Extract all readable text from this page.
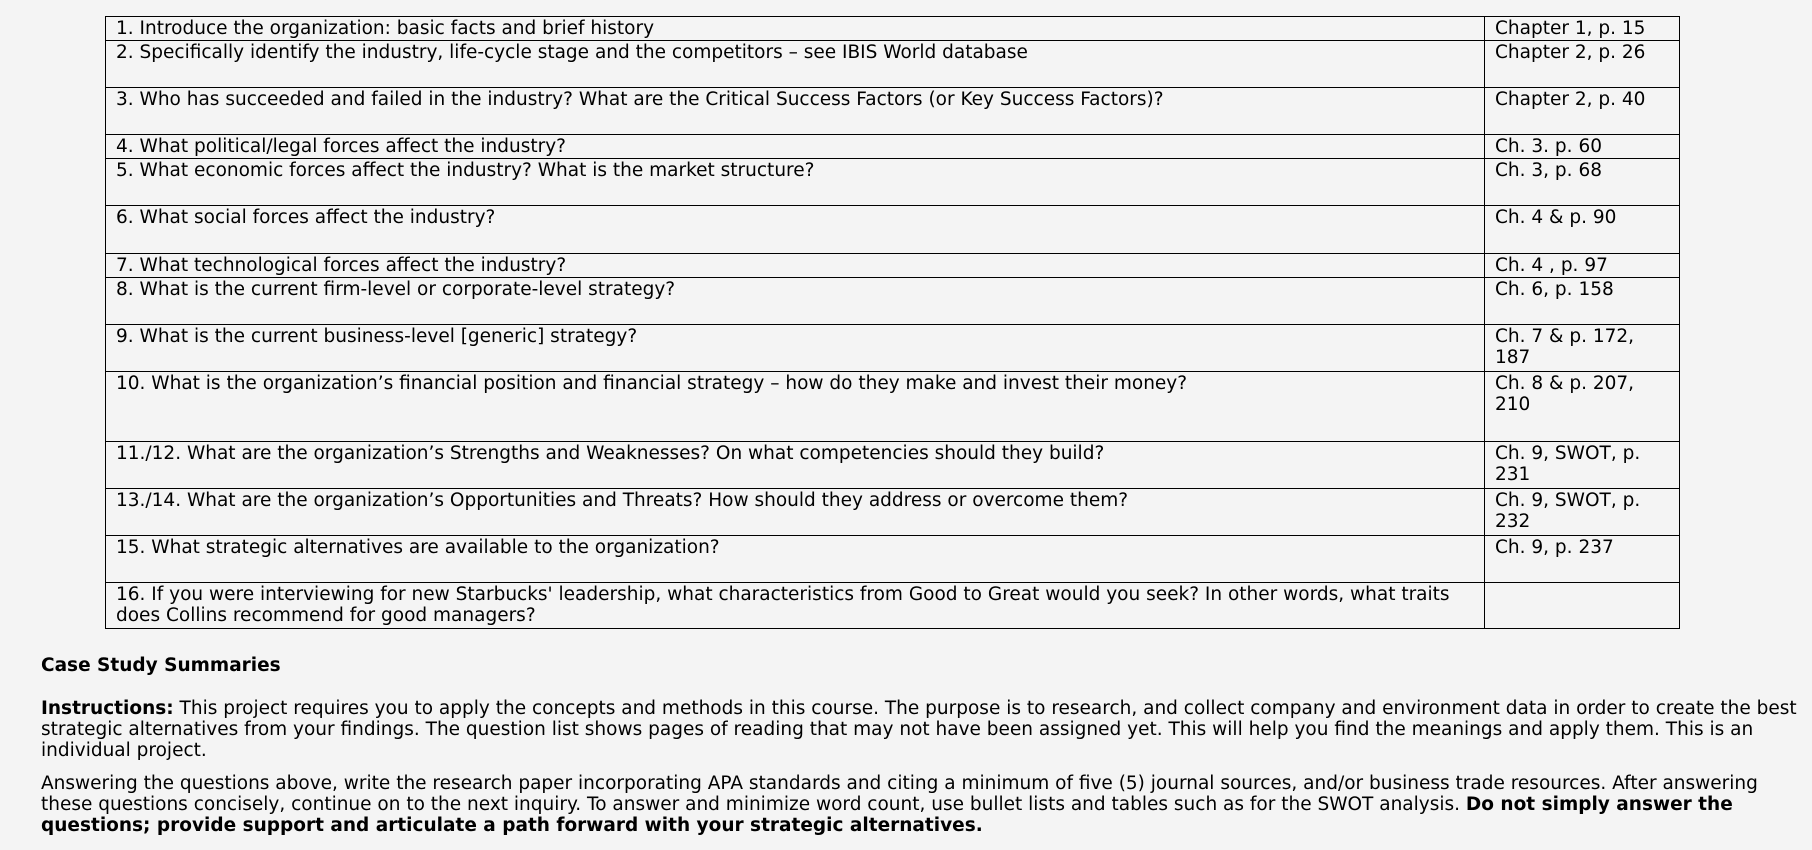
1. Introduce the organization: basic facts and brief history	Chapter 1, p. 15
2. Specifically identify the industry, life-cycle stage and the competitors – see IBIS World database	Chapter 2, p. 26
3. Who has succeeded and failed in the industry? What are the Critical Success Factors (or Key Success Factors)?	Chapter 2, p. 40
4. What political/legal forces affect the industry?	Ch. 3. p. 60
5. What economic forces affect the industry? What is the market structure?	Ch. 3, p. 68
6. What social forces affect the industry?	Ch. 4 & p. 90
7. What technological forces affect the industry?	Ch. 4 , p. 97
8. What is the current firm-level or corporate-level strategy?	Ch. 6, p. 158
9. What is the current business-level [generic] strategy?	Ch. 7 & p. 172, 187
10. What is the organization’s financial position and financial strategy – how do they make and invest their money?	Ch. 8 & p. 207, 210
11./12. What are the organization’s Strengths and Weaknesses? On what competencies should they build?	Ch. 9, SWOT, p. 231
13./14. What are the organization’s Opportunities and Threats? How should they address or overcome them?	Ch. 9, SWOT, p. 232
15. What strategic alternatives are available to the organization?	Ch. 9, p. 237
16. If you were interviewing for new Starbucks' leadership, what characteristics from Good to Great would you seek? In other words, what traits does Collins recommend for good managers?	
Case Study Summaries
Instructions: This project requires you to apply the concepts and methods in this course. The purpose is to research, and collect company and environment data in order to create the best strategic alternatives from your findings. The question list shows pages of reading that may not have been assigned yet. This will help you find the meanings and apply them. This is an individual project.
Answering the questions above, write the research paper incorporating APA standards and citing a minimum of five (5) journal sources, and/or business trade resources. After answering these questions concisely, continue on to the next inquiry. To answer and minimize word count, use bullet lists and tables such as for the SWOT analysis. Do not simply answer the questions; provide support and articulate a path forward with your strategic alternatives.
